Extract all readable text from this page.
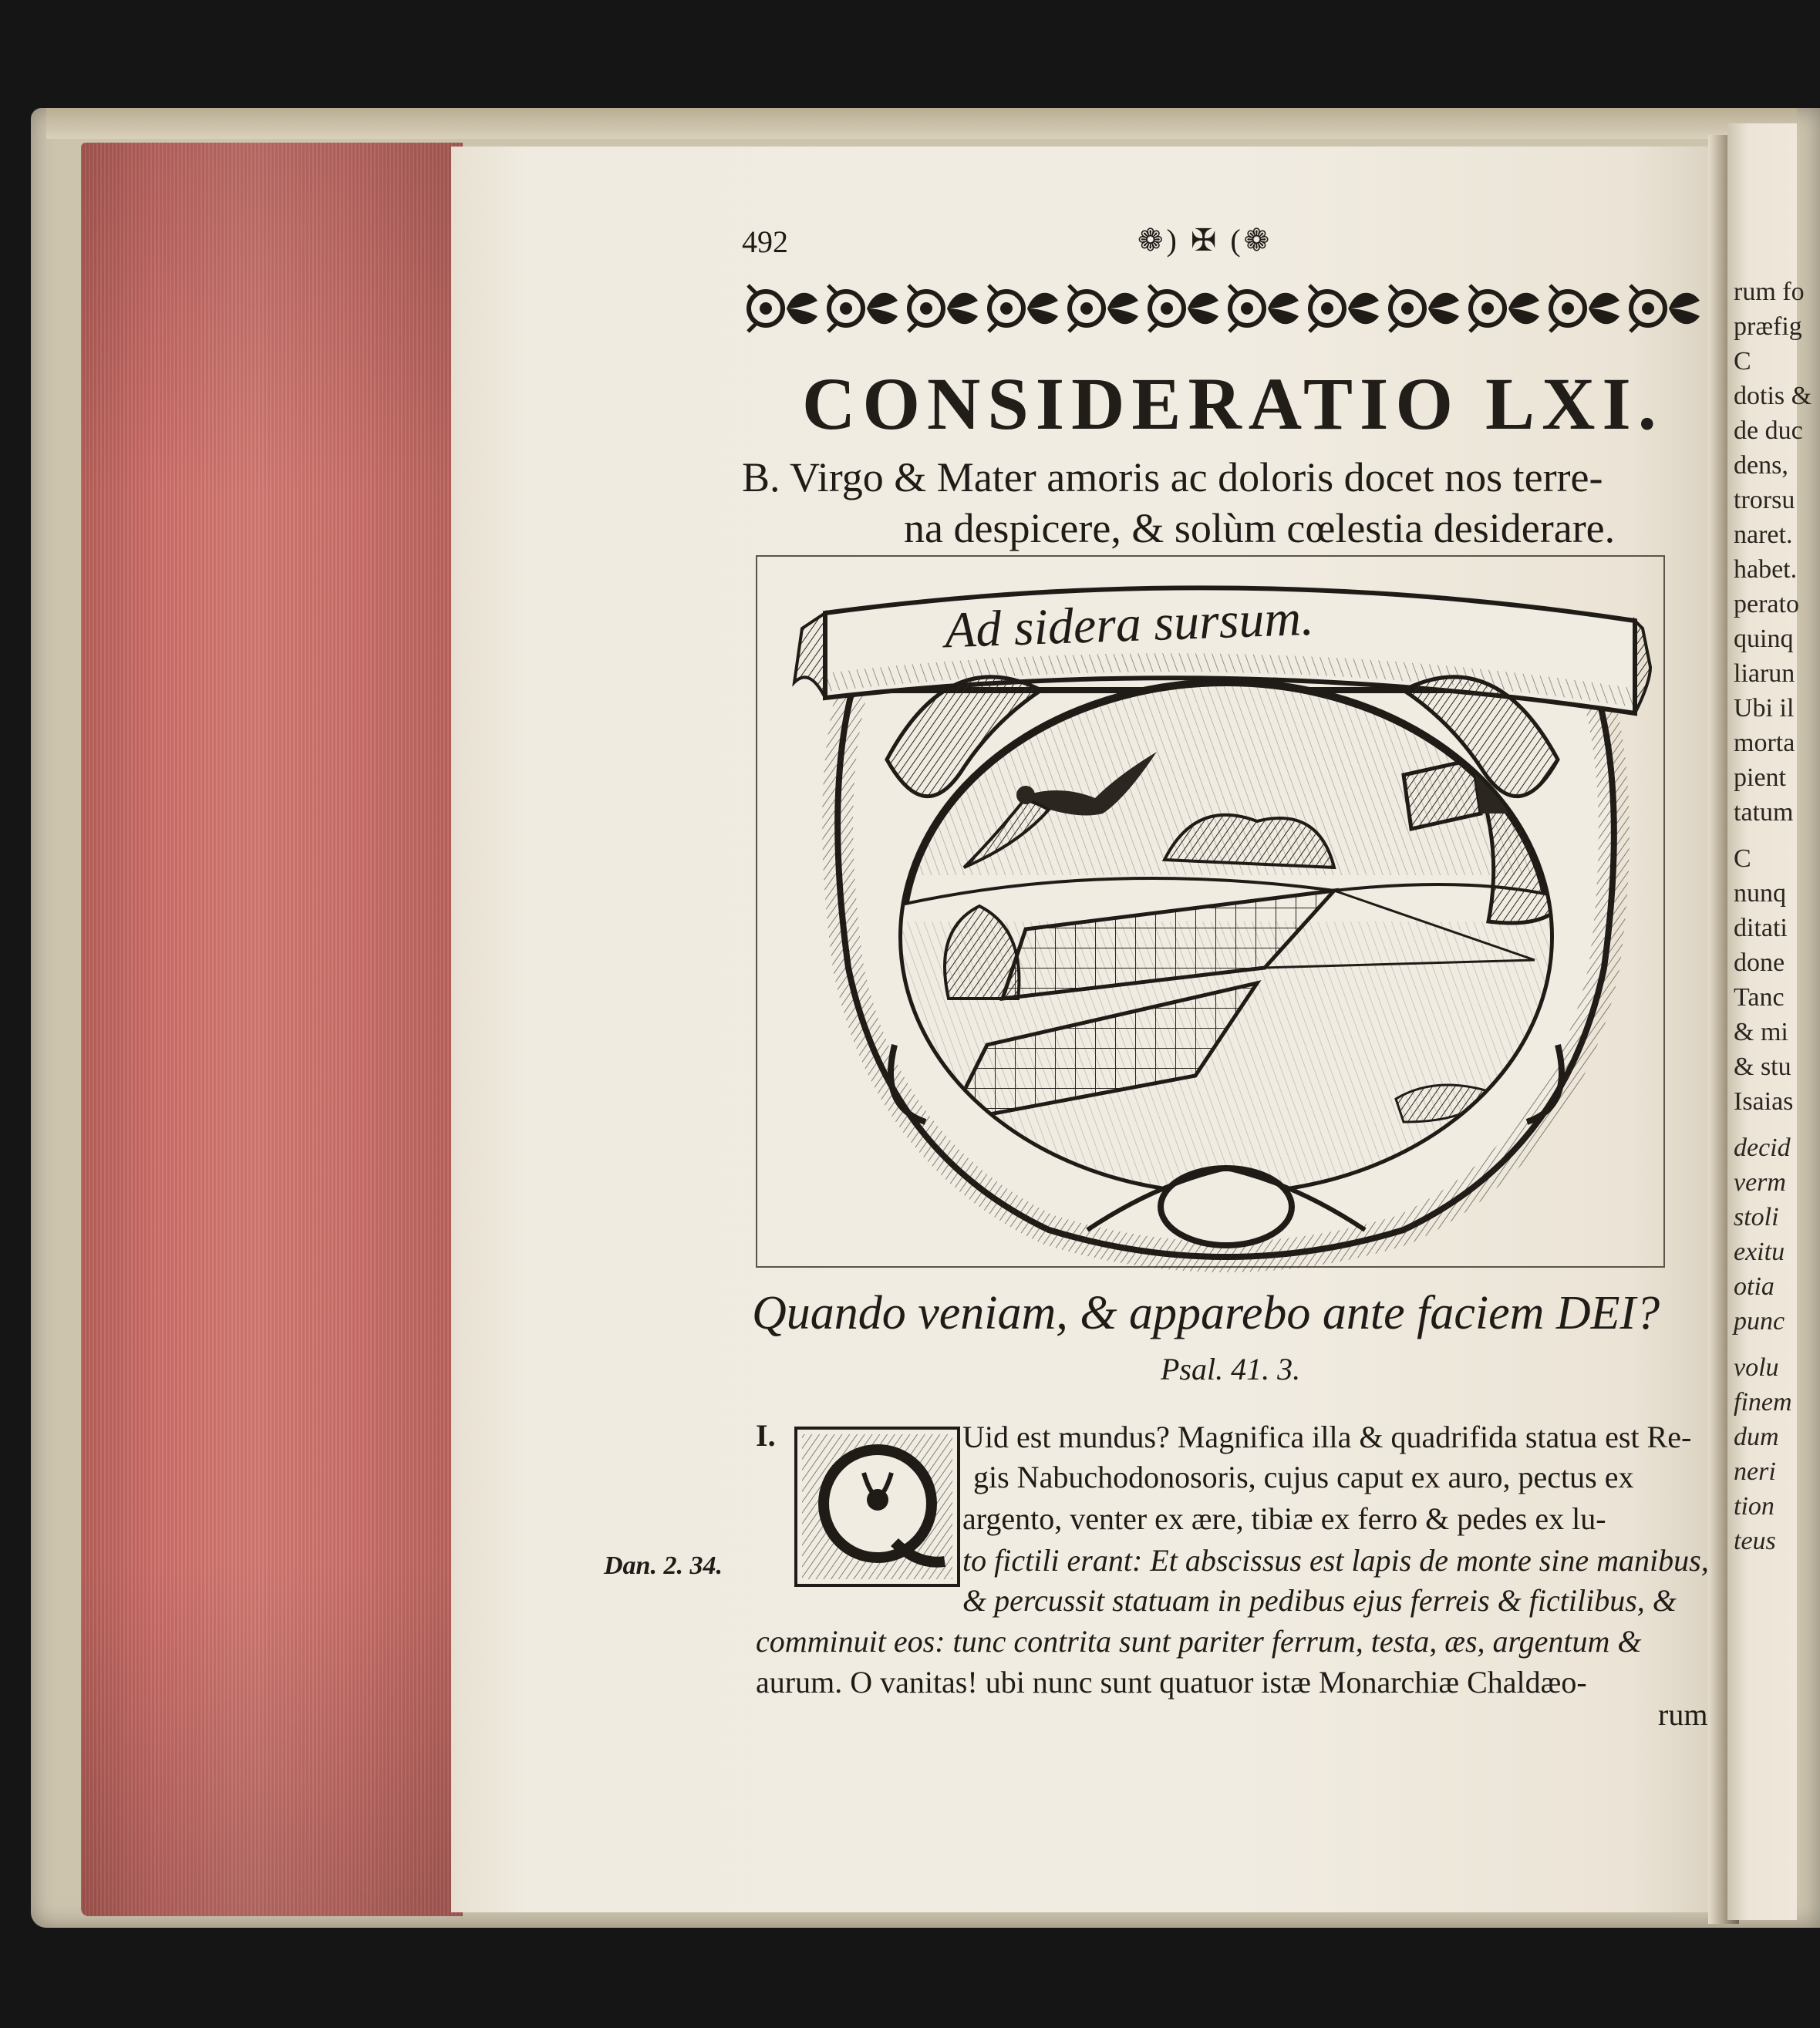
rum fo
præfig
C
dotis &
de duc
dens,
trorsu
naret.
habet.
perato
quinq
liarun
Ubi il
morta
pient
tatum
C
nunq
ditati
done
Tanc
& mi
& stu
Isaias
decid
verm
stoli
exitu
otia
punc
volu
finem
dum
neri
tion
teus

492	❁) ✠ (❁
CONSIDERATIO LXI.
B. Virgo & Mater amoris ac doloris docet nos terre-
na despicere, & solùm cœlestia desiderare.
Ad sidera sursum.
Quando veniam, & apparebo ante faciem DEI?
Psal. 41. 3.
I.	Uid est mundus? Magnifica illa & quadrifida statua est Re-
gis Nabuchodonosoris, cujus caput ex auro, pectus ex
argento, venter ex ære, tibiæ ex ferro & pedes ex lu-
to fictili erant: Et abscissus est lapis de monte sine manibus,
& percussit statuam in pedibus ejus ferreis & fictilibus, &
comminuit eos: tunc contrita sunt pariter ferrum, testa, æs, argentum &
aurum. O vanitas! ubi nunc sunt quatuor istæ Monarchiæ Chaldæo-
rum
Dan. 2. 34.
